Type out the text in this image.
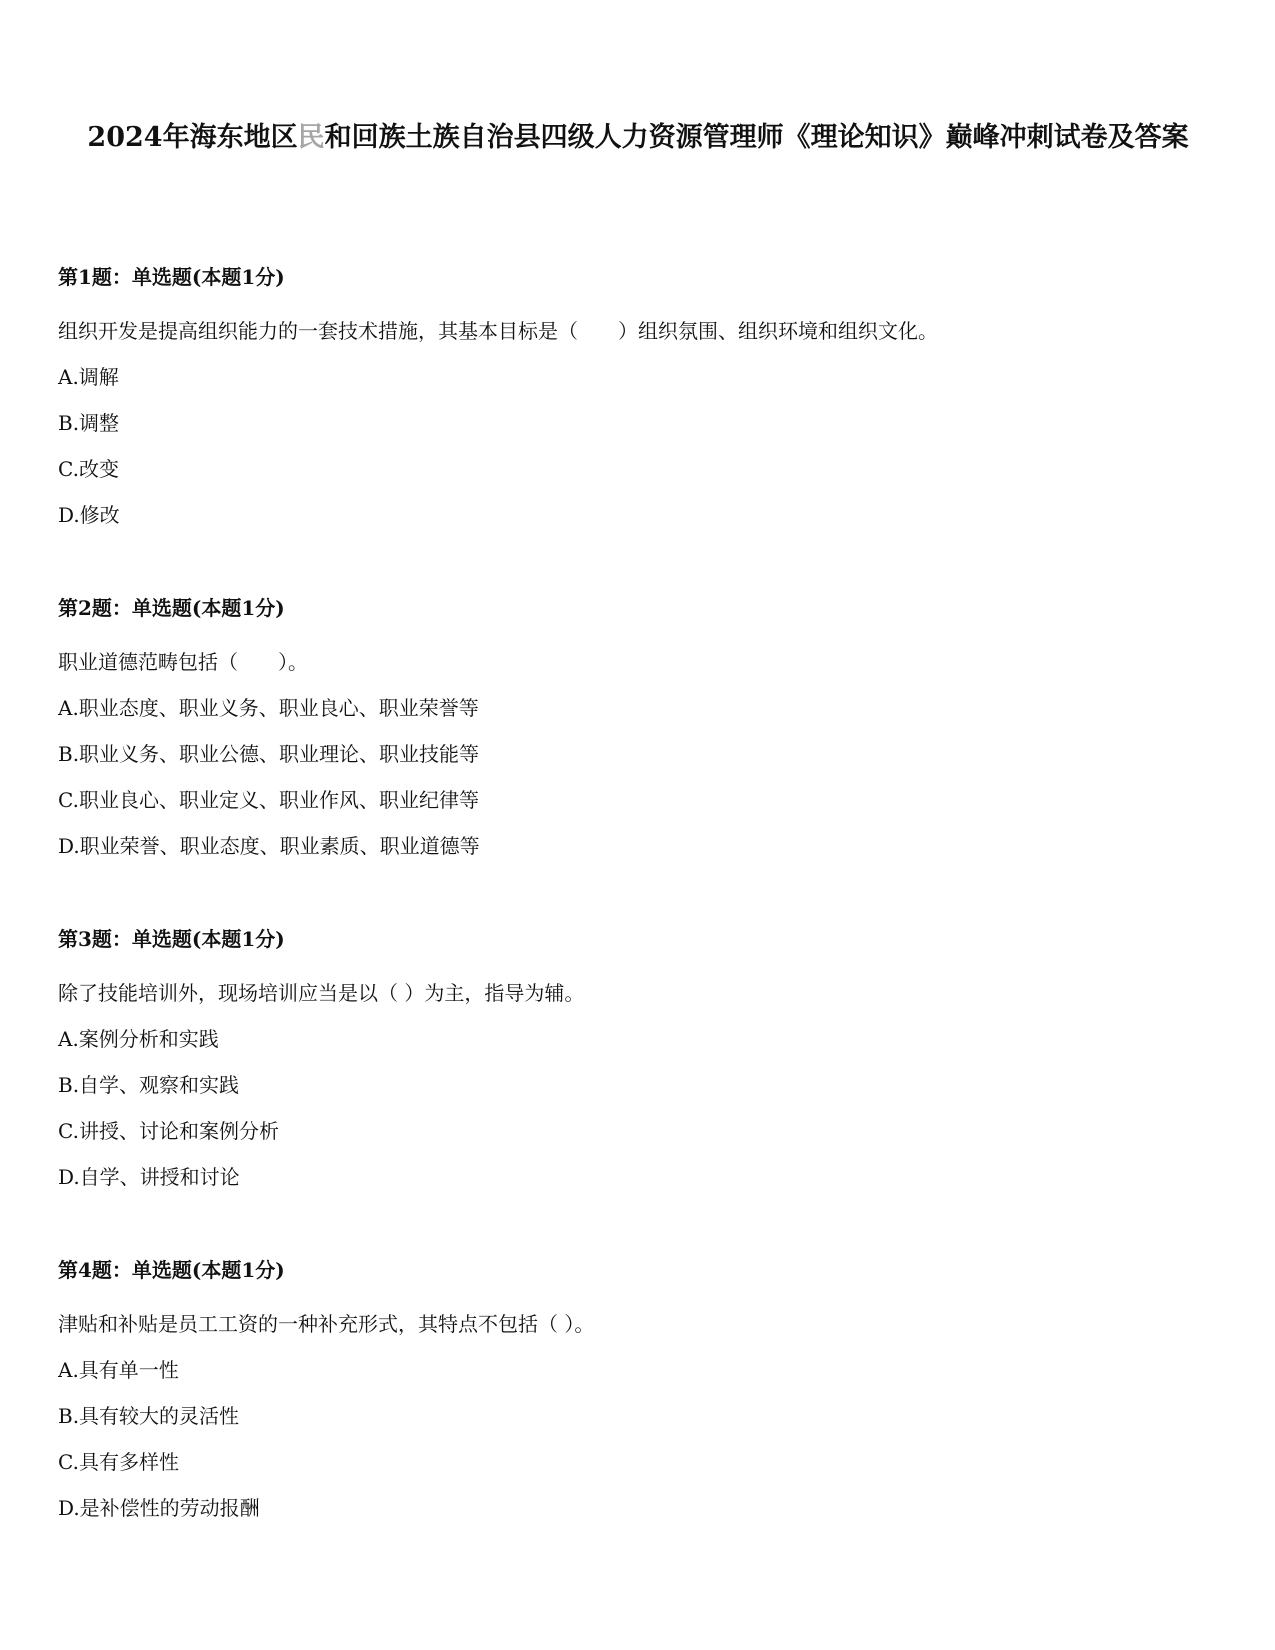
2024年海东地区民和回族土族自治县四级人力资源管理师《理论知识》巅峰冲刺试卷及答案
第1题：单选题(本题1分)
组织开发是提高组织能力的一套技术措施，其基本目标是（　　）组织氛围、组织环境和组织文化。
A.调解
B.调整
C.改变
D.修改
第2题：单选题(本题1分)
职业道德范畴包括（　　）。
A.职业态度、职业义务、职业良心、职业荣誉等
B.职业义务、职业公德、职业理论、职业技能等
C.职业良心、职业定义、职业作风、职业纪律等
D.职业荣誉、职业态度、职业素质、职业道德等
第3题：单选题(本题1分)
除了技能培训外，现场培训应当是以（ ）为主，指导为辅。
A.案例分析和实践
B.自学、观察和实践
C.讲授、讨论和案例分析
D.自学、讲授和讨论
第4题：单选题(本题1分)
津贴和补贴是员工工资的一种补充形式，其特点不包括（ ）。
A.具有单一性
B.具有较大的灵活性
C.具有多样性
D.是补偿性的劳动报酬
